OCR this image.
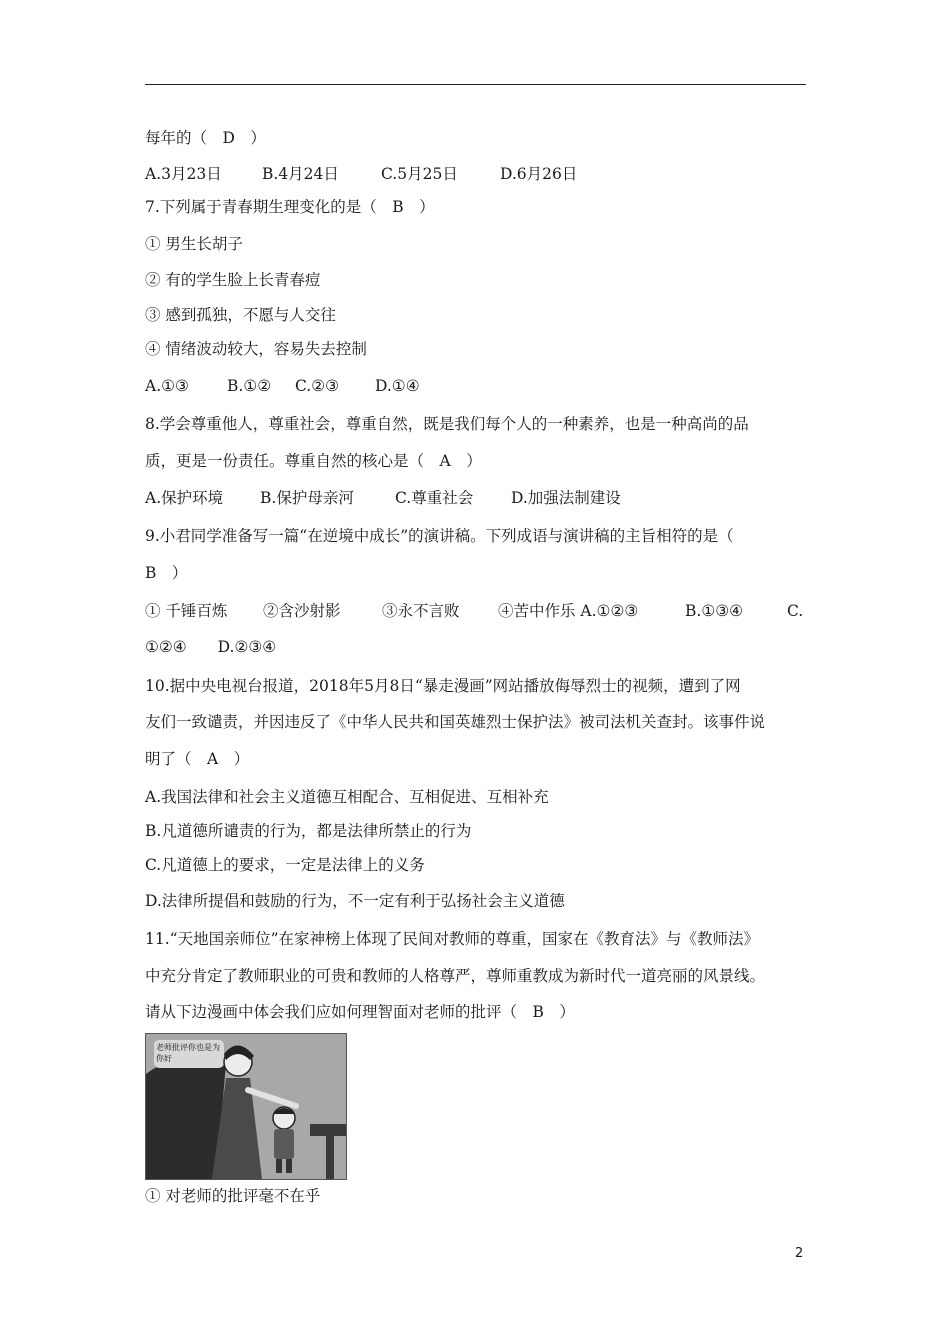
每年的（　D　）
A.3月23日	B.4月24日	C.5月25日	D.6月26日
7.下列属于青春期生理变化的是（　B　）
① 男生长胡子
② 有的学生脸上长青春痘
③ 感到孤独，不愿与人交往
④ 情绪波动较大，容易失去控制
A.①③ B.①② C.②③ D.①④
8.学会尊重他人，尊重社会，尊重自然，既是我们每个人的一种素养，也是一种高尚的品
质，更是一份责任。尊重自然的核心是（　A　）
A.保护环境 B.保护母亲河	C.尊重社会 D.加强法制建设
9.小君同学准备写一篇“在逆境中成长”的演讲稿。下列成语与演讲稿的主旨相符的是（
B　）
① 千锤百炼 ②含沙射影	③永不言败 ④苦中作乐 A.①②③	B.①③④	C.
①②④　　D.②③④
10.据中央电视台报道，2018年5月8日“暴走漫画”网站播放侮辱烈士的视频，遭到了网
友们一致谴责，并因违反了《中华人民共和国英雄烈士保护法》被司法机关查封。该事件说
明了（　A　）
A.我国法律和社会主义道德互相配合、互相促进、互相补充
B.凡道德所谴责的行为，都是法律所禁止的行为
C.凡道德上的要求，一定是法律上的义务
D.法律所提倡和鼓励的行为，不一定有利于弘扬社会主义道德
11.“天地国亲师位”在家神榜上体现了民间对教师的尊重，国家在《教育法》与《教师法》
中充分肯定了教师职业的可贵和教师的人格尊严，尊师重教成为新时代一道亮丽的风景线。
请从下边漫画中体会我们应如何理智面对老师的批评（　B　）
老师批评你也是为你好
① 对老师的批评毫不在乎
2
